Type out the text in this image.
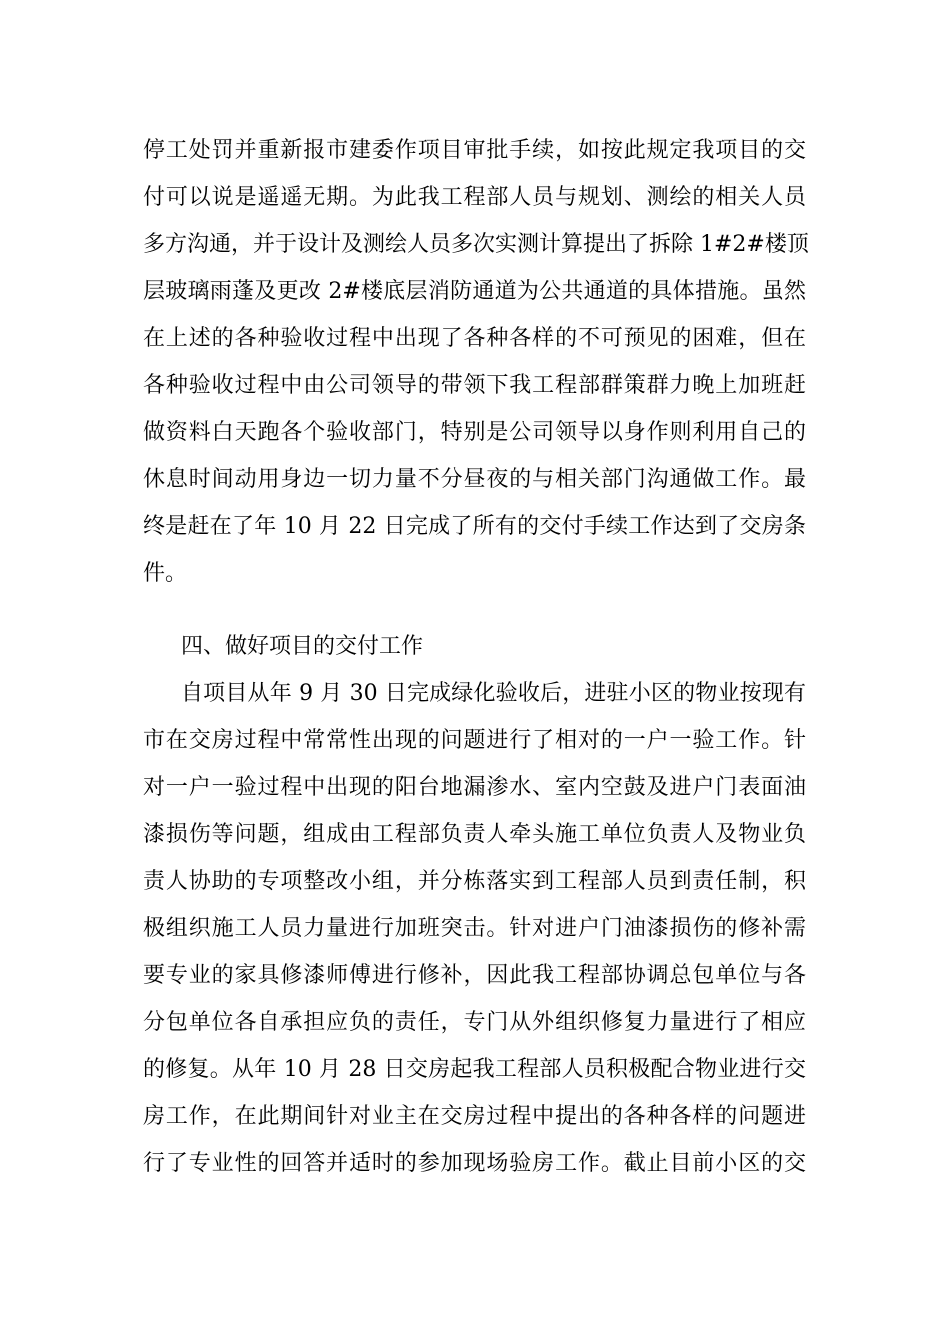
停工处罚并重新报市建委作项目审批手续，如按此规定我项目的交
付可以说是遥遥无期。为此我工程部人员与规划、测绘的相关人员
多方沟通，并于设计及测绘人员多次实测计算提出了拆除 1#2#楼顶
层玻璃雨蓬及更改 2#楼底层消防通道为公共通道的具体措施。虽然
在上述的各种验收过程中出现了各种各样的不可预见的困难，但在
各种验收过程中由公司领导的带领下我工程部群策群力晚上加班赶
做资料白天跑各个验收部门，特别是公司领导以身作则利用自己的
休息时间动用身边一切力量不分昼夜的与相关部门沟通做工作。最
终是赶在了年 10 月 22 日完成了所有的交付手续工作达到了交房条
件。
四、做好项目的交付工作
自项目从年 9 月 30 日完成绿化验收后，进驻小区的物业按现有
市在交房过程中常常性出现的问题进行了相对的一户一验工作。针
对一户一验过程中出现的阳台地漏渗水、室内空鼓及进户门表面油
漆损伤等问题，组成由工程部负责人牵头施工单位负责人及物业负
责人协助的专项整改小组，并分栋落实到工程部人员到责任制，积
极组织施工人员力量进行加班突击。针对进户门油漆损伤的修补需
要专业的家具修漆师傅进行修补，因此我工程部协调总包单位与各
分包单位各自承担应负的责任，专门从外组织修复力量进行了相应
的修复。从年 10 月 28 日交房起我工程部人员积极配合物业进行交
房工作，在此期间针对业主在交房过程中提出的各种各样的问题进
行了专业性的回答并适时的参加现场验房工作。截止目前小区的交
